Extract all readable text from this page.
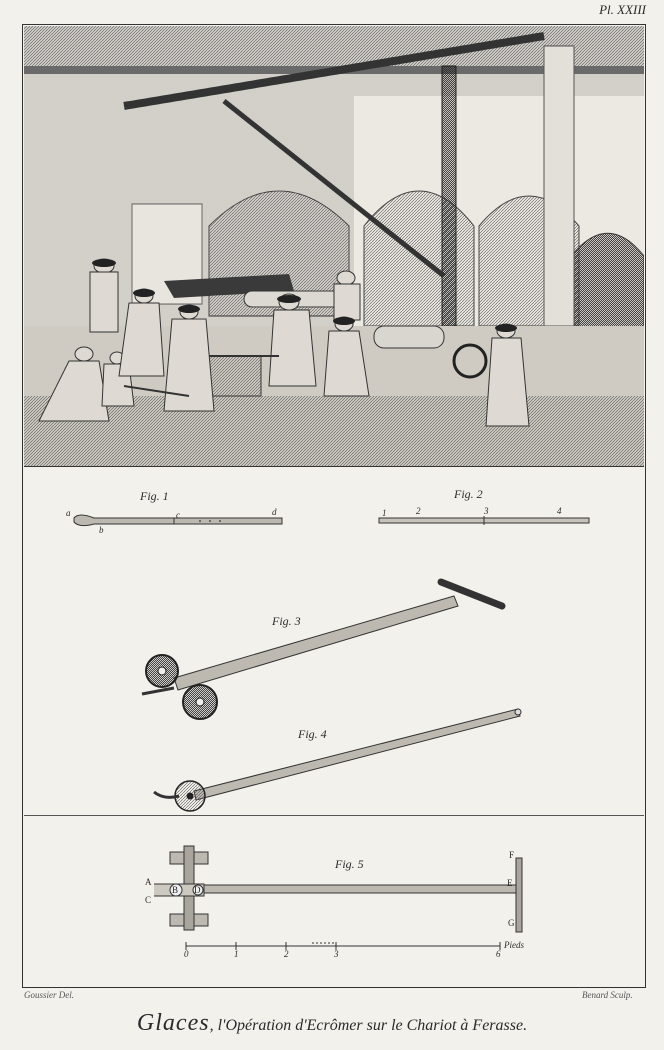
Pl. XXIII
Fig. 1	Fig. 2
Fig. 3
Fig. 4
Fig. 5
a
b
c	d	1	2	3	4
A
B
C
D
E
F
G
0	1	2	3	6
Pieds
Goussier Del.	Benard Sculp.
Glaces, l'Opération d'Ecrômer sur le Chariot à Ferasse.
